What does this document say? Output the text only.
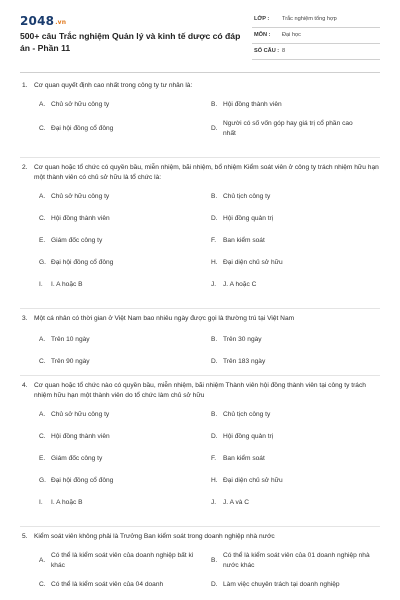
2048.vn
500+ câu Trắc nghiệm Quản lý và kinh tế dược có đáp án - Phần 11
LỚP : Trắc nghiệm tổng hợp
MÔN : Đại học
SỐ CÂU : 8
1. Cơ quan quyết định cao nhất trong công ty tư nhân là:
A. Chủ sở hữu công ty	B. Hội đồng thành viên
C. Đại hội đồng cổ đông	D.
Người có số vốn góp hay giá trị cổ phần cao nhất
2. Cơ quan hoặc tổ chức có quyền bầu, miễn nhiệm, bãi nhiệm, bổ nhiệm Kiểm soát viên ở công ty trách nhiệm hữu hạn một thành viên có chủ sở hữu là tổ chức là:
A. Chủ sở hữu công ty	B. Chủ tịch công ty
C. Hội đồng thành viên	D. Hội đồng quản trị
E. Giám đốc công ty	F. Ban kiểm soát
G. Đại hội đồng cổ đông	H. Đại diện chủ sở hữu
I. I. A hoặc B	J. J. A hoặc C
3. Một cá nhân có thời gian ở Việt Nam bao nhiêu ngày được gọi là thường trú tại Việt Nam
A. Trên 10 ngày	B. Trên 30 ngày
C. Trên 90 ngày	D. Trên 183 ngày
4. Cơ quan hoặc tổ chức nào có quyền bầu, miễn nhiệm, bãi nhiệm Thành viên hội đồng thành viên tại công ty trách nhiệm hữu hạn một thành viên do tổ chức làm chủ sở hữu
A. Chủ sở hữu công ty	B. Chủ tịch công ty
C. Hội đồng thành viên	D. Hội đồng quản trị
E. Giám đốc công ty	F. Ban kiểm soát
G. Đại hội đồng cổ đông	H. Đại diện chủ sở hữu
I. I. A hoặc B	J. J. A và C
5. Kiểm soát viên không phải là Trưởng Ban kiểm soát trong doanh nghiệp nhà nước
A.
Có thể là kiểm soát viên của doanh nghiệp bất kì khác
B.
Có thể là kiểm soát viên của 01 doanh nghiệp nhà nước khác
C. Có thể là kiểm soát viên của 04 doanh	D. Làm việc chuyên trách tại doanh nghiệp
